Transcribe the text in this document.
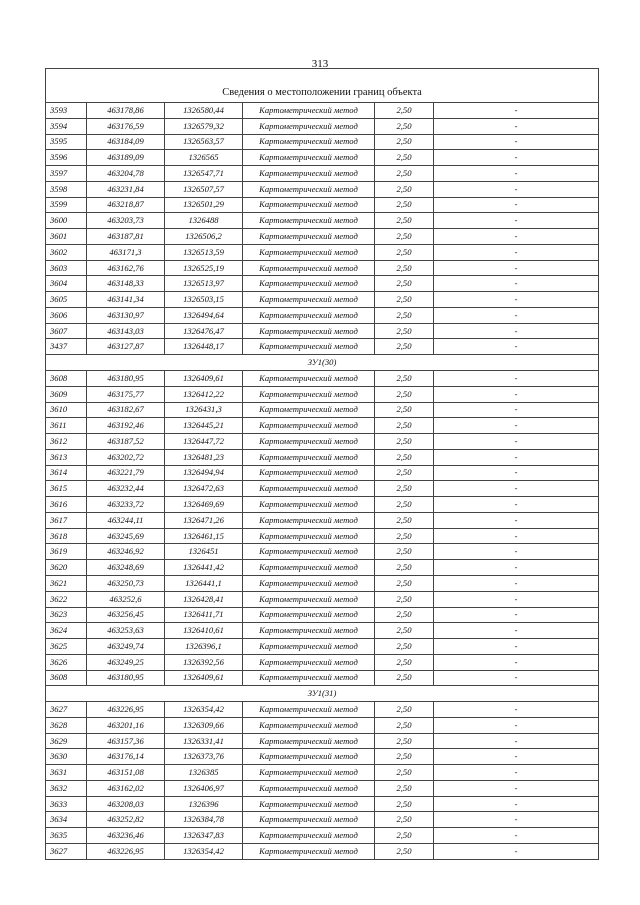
313
Сведения о местоположении границ объекта					
3593	463178,86	1326580,44	Картометрический метод	2,50	-
3594	463176,59	1326579,32	Картометрический метод	2,50	-
3595	463184,09	1326563,57	Картометрический метод	2,50	-
3596	463189,09	1326565	Картометрический метод	2,50	-
3597	463204,78	1326547,71	Картометрический метод	2,50	-
3598	463231,84	1326507,57	Картометрический метод	2,50	-
3599	463218,87	1326501,29	Картометрический метод	2,50	-
3600	463203,73	1326488	Картометрический метод	2,50	-
3601	463187,81	1326506,2	Картометрический метод	2,50	-
3602	463171,3	1326513,59	Картометрический метод	2,50	-
3603	463162,76	1326525,19	Картометрический метод	2,50	-
3604	463148,33	1326513,97	Картометрический метод	2,50	-
3605	463141,34	1326503,15	Картометрический метод	2,50	-
3606	463130,97	1326494,64	Картометрический метод	2,50	-
3607	463143,03	1326476,47	Картометрический метод	2,50	-
3437	463127,87	1326448,17	Картометрический метод	2,50	-
ЗУ1(30)					
3608	463180,95	1326409,61	Картометрический метод	2,50	-
3609	463175,77	1326412,22	Картометрический метод	2,50	-
3610	463182,67	1326431,3	Картометрический метод	2,50	-
3611	463192,46	1326445,21	Картометрический метод	2,50	-
3612	463187,52	1326447,72	Картометрический метод	2,50	-
3613	463202,72	1326481,23	Картометрический метод	2,50	-
3614	463221,79	1326494,94	Картометрический метод	2,50	-
3615	463232,44	1326472,63	Картометрический метод	2,50	-
3616	463233,72	1326469,69	Картометрический метод	2,50	-
3617	463244,11	1326471,26	Картометрический метод	2,50	-
3618	463245,69	1326461,15	Картометрический метод	2,50	-
3619	463246,92	1326451	Картометрический метод	2,50	-
3620	463248,69	1326441,42	Картометрический метод	2,50	-
3621	463250,73	1326441,1	Картометрический метод	2,50	-
3622	463252,6	1326428,41	Картометрический метод	2,50	-
3623	463256,45	1326411,71	Картометрический метод	2,50	-
3624	463253,63	1326410,61	Картометрический метод	2,50	-
3625	463249,74	1326396,1	Картометрический метод	2,50	-
3626	463249,25	1326392,56	Картометрический метод	2,50	-
3608	463180,95	1326409,61	Картометрический метод	2,50	-
ЗУ1(31)					
3627	463226,95	1326354,42	Картометрический метод	2,50	-
3628	463201,16	1326309,66	Картометрический метод	2,50	-
3629	463157,36	1326331,41	Картометрический метод	2,50	-
3630	463176,14	1326373,76	Картометрический метод	2,50	-
3631	463151,08	1326385	Картометрический метод	2,50	-
3632	463162,02	1326406,97	Картометрический метод	2,50	-
3633	463208,03	1326396	Картометрический метод	2,50	-
3634	463252,82	1326384,78	Картометрический метод	2,50	-
3635	463236,46	1326347,83	Картометрический метод	2,50	-
3627	463226,95	1326354,42	Картометрический метод	2,50	-
